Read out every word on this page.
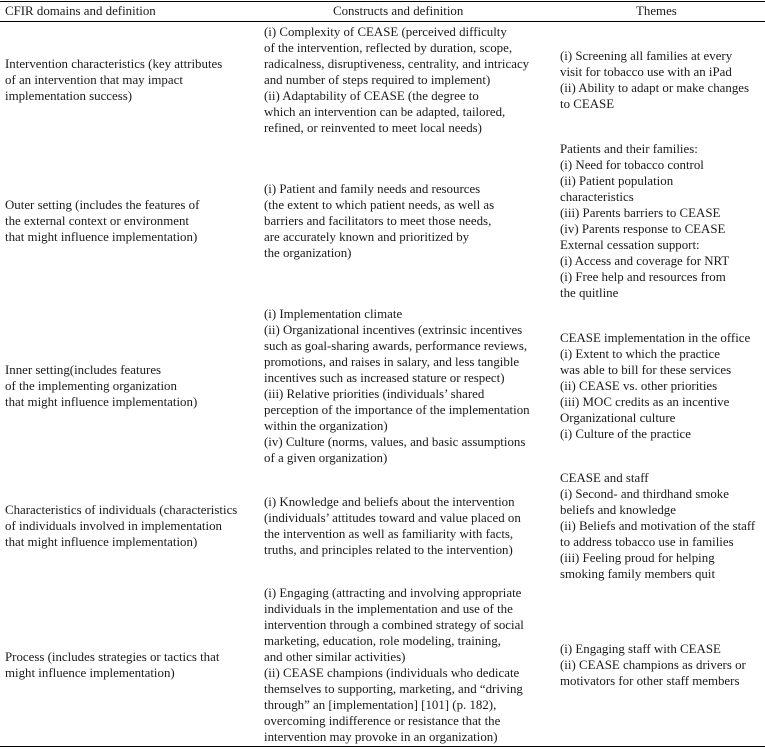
CFIR domains and definition	Constructs and definition	Themes
Intervention characteristics (key attributes
of an intervention that may impact
implementation success)
(i) Complexity of CEASE (perceived difficulty
of the intervention, reflected by duration, scope,
radicalness, disruptiveness, centrality, and intricacy
and number of steps required to implement)
(ii) Adaptability of CEASE (the degree to
which an intervention can be adapted, tailored,
refined, or reinvented to meet local needs)
(i) Screening all families at every
visit for tobacco use with an iPad
(ii) Ability to adapt or make changes
to CEASE
Outer setting (includes the features of
the external context or environment
that might influence implementation)
(i) Patient and family needs and resources
(the extent to which patient needs, as well as
barriers and facilitators to meet those needs,
are accurately known and prioritized by
the organization)
Patients and their families:
(i) Need for tobacco control
(ii) Patient population
characteristics
(iii) Parents barriers to CEASE
(iv) Parents response to CEASE
External cessation support:
(i) Access and coverage for NRT
(i) Free help and resources from
the quitline
Inner setting(includes features
of the implementing organization
that might influence implementation)
(i) Implementation climate
(ii) Organizational incentives (extrinsic incentives
such as goal-sharing awards, performance reviews,
promotions, and raises in salary, and less tangible
incentives such as increased stature or respect)
(iii) Relative priorities (individuals’ shared
perception of the importance of the implementation
within the organization)
(iv) Culture (norms, values, and basic assumptions
of a given organization)
CEASE implementation in the office
(i) Extent to which the practice
was able to bill for these services
(ii) CEASE vs. other priorities
(iii) MOC credits as an incentive
Organizational culture
(i) Culture of the practice
Characteristics of individuals (characteristics
of individuals involved in implementation
that might influence implementation)
(i) Knowledge and beliefs about the intervention
(individuals’ attitudes toward and value placed on
the intervention as well as familiarity with facts,
truths, and principles related to the intervention)
CEASE and staff
(i) Second- and thirdhand smoke
beliefs and knowledge
(ii) Beliefs and motivation of the staff
to address tobacco use in families
(iii) Feeling proud for helping
smoking family members quit
Process (includes strategies or tactics that
might influence implementation)
(i) Engaging (attracting and involving appropriate
individuals in the implementation and use of the
intervention through a combined strategy of social
marketing, education, role modeling, training,
and other similar activities)
(ii) CEASE champions (individuals who dedicate
themselves to supporting, marketing, and “driving
through” an [implementation] [101] (p. 182),
overcoming indifference or resistance that the
intervention may provoke in an organization)
(i) Engaging staff with CEASE
(ii) CEASE champions as drivers or
motivators for other staff members
